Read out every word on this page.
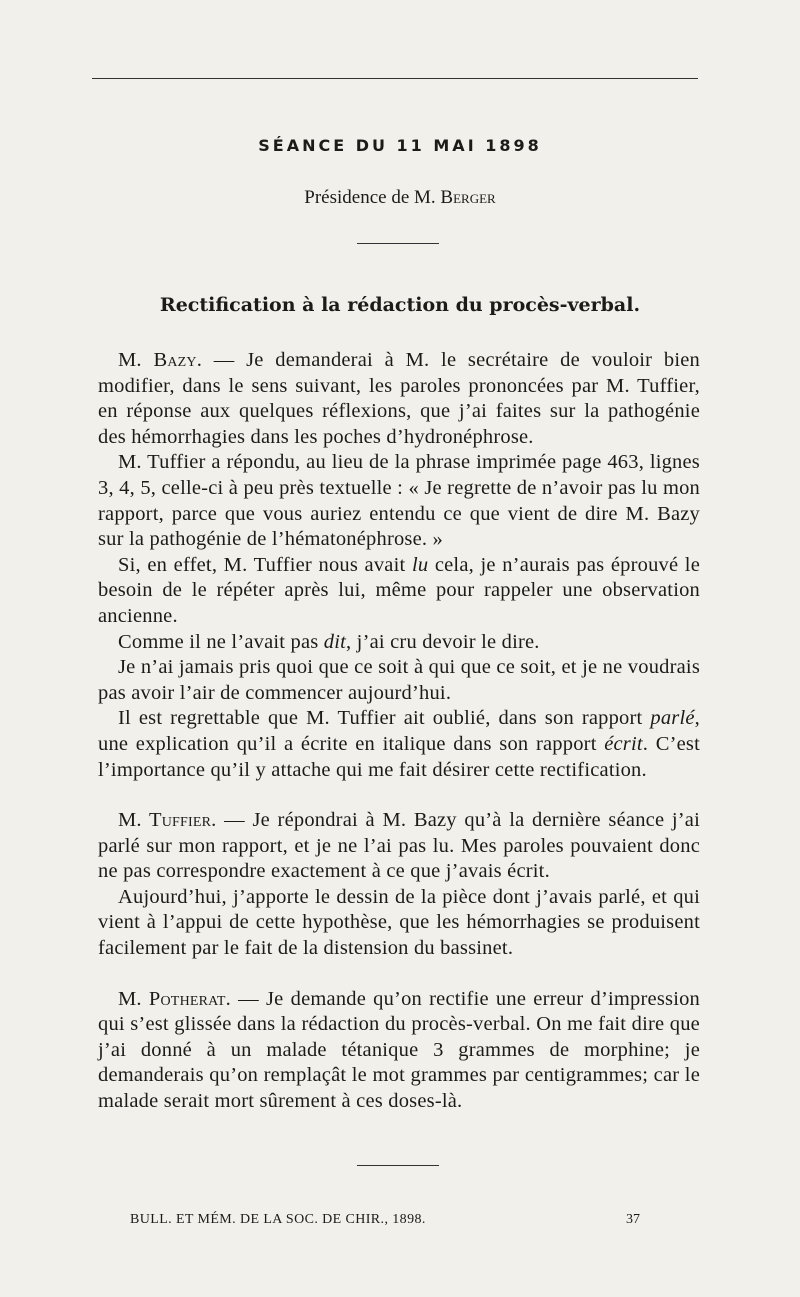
SÉANCE DU 11 MAI 1898
Présidence de M. Berger
Rectification à la rédaction du procès-verbal.

M. Bazy. — Je demanderai à M. le secrétaire de vouloir bien modifier, dans le sens suivant, les paroles prononcées par M. Tuffier, en réponse aux quelques réflexions, que j’ai faites sur la pathogénie des hémorrhagies dans les poches d’hydronéphrose.

M. Tuffier a répondu, au lieu de la phrase imprimée page 463, lignes 3, 4, 5, celle-ci à peu près textuelle : « Je regrette de n’avoir pas lu mon rapport, parce que vous auriez entendu ce que vient de dire M. Bazy sur la pathogénie de l’hématonéphrose. »

Si, en effet, M. Tuffier nous avait lu cela, je n’aurais pas éprouvé le besoin de le répéter après lui, même pour rappeler une observation ancienne.

Comme il ne l’avait pas dit, j’ai cru devoir le dire.

Je n’ai jamais pris quoi que ce soit à qui que ce soit, et je ne voudrais pas avoir l’air de commencer aujourd’hui.

Il est regrettable que M. Tuffier ait oublié, dans son rapport parlé, une explication qu’il a écrite en italique dans son rapport écrit. C’est l’importance qu’il y attache qui me fait désirer cette rectification.

M. Tuffier. — Je répondrai à M. Bazy qu’à la dernière séance j’ai parlé sur mon rapport, et je ne l’ai pas lu. Mes paroles pouvaient donc ne pas correspondre exactement à ce que j’avais écrit.

Aujourd’hui, j’apporte le dessin de la pièce dont j’avais parlé, et qui vient à l’appui de cette hypothèse, que les hémorrhagies se produisent facilement par le fait de la distension du bassinet.

M. Potherat. — Je demande qu’on rectifie une erreur d’impression qui s’est glissée dans la rédaction du procès-verbal. On me fait dire que j’ai donné à un malade tétanique 3 grammes de morphine; je demanderais qu’on remplaçât le mot grammes par centigrammes; car le malade serait mort sûrement à ces doses-là.

BULL. ET MÉM. DE LA SOC. DE CHIR., 1898.	37
